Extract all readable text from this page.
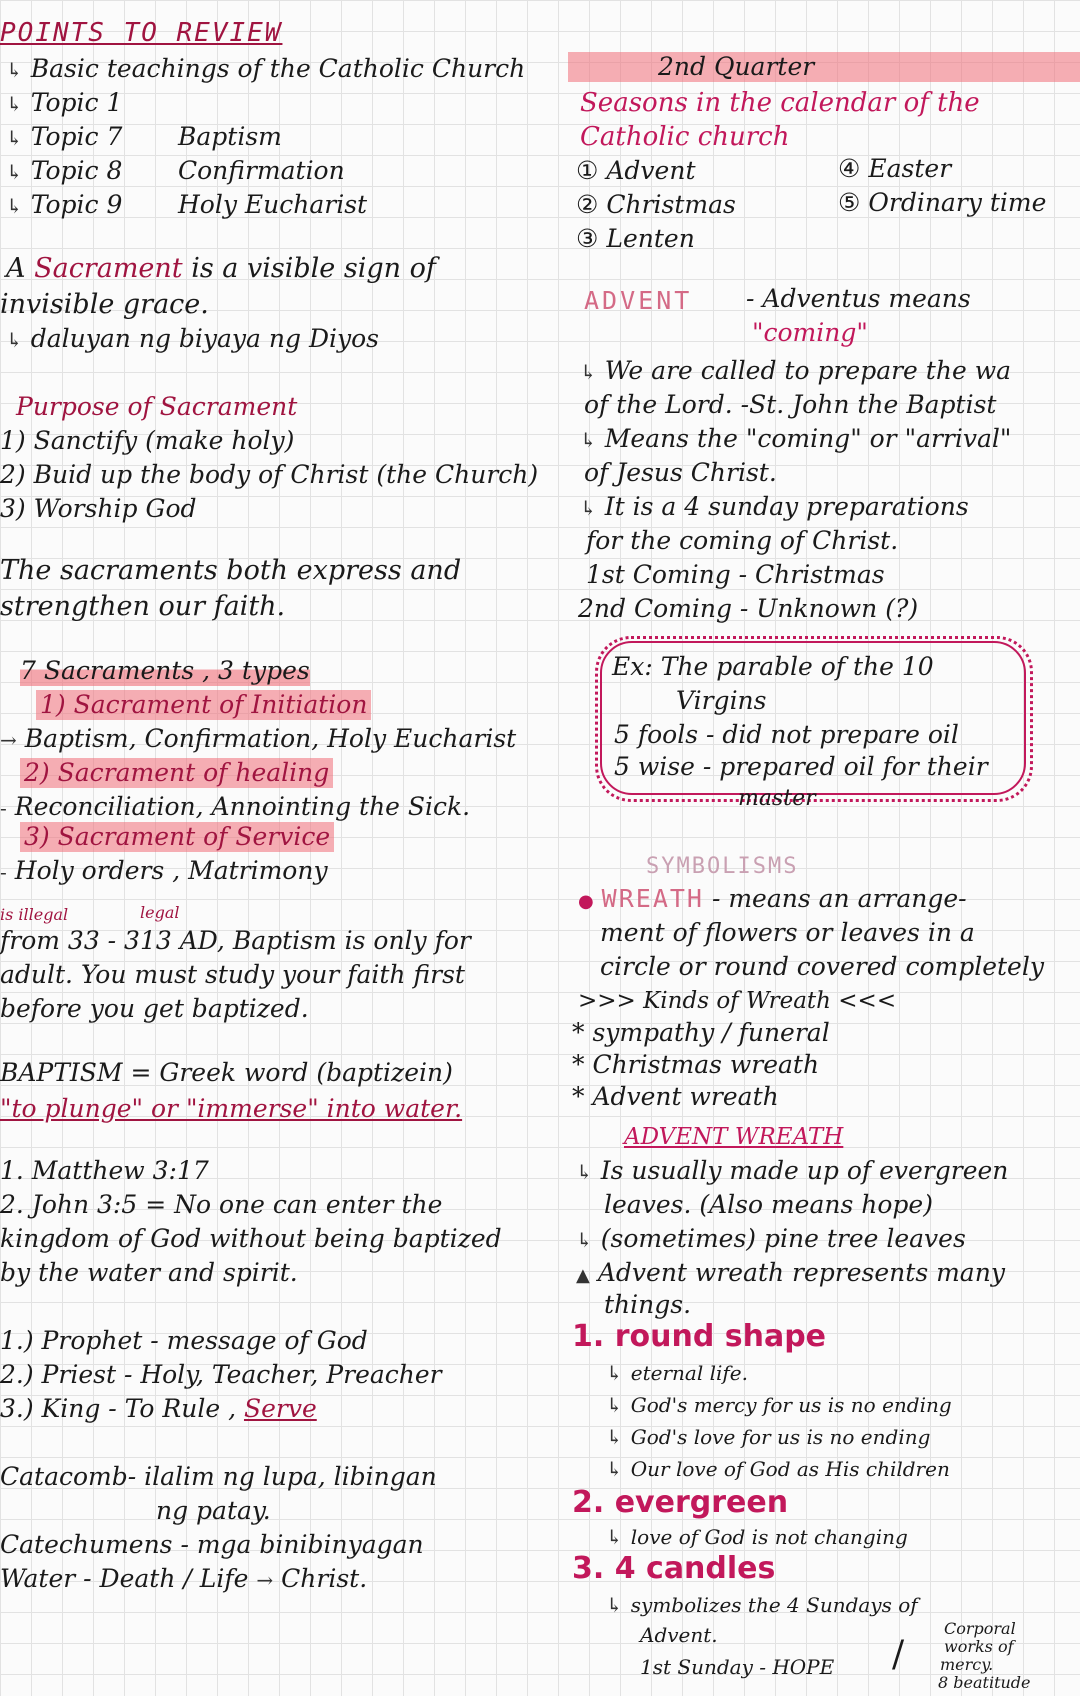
POINTS TO REVIEW
↳ Basic teachings of the Catholic Church
↳ Topic 1
↳ Topic 7 Baptism
↳ Topic 8 Confirmation
↳ Topic 9 Holy Eucharist
A Sacrament is a visible sign of
invisible grace.
↳ daluyan ng biyaya ng Diyos
Purpose of Sacrament
1) Sanctify (make holy)
2) Buid up the body of Christ (the Church)
3) Worship God
The sacraments both express and
strengthen our faith.
7 Sacraments , 3 types
1) Sacrament of Initiation
→ Baptism, Confirmation, Holy Eucharist
2) Sacrament of healing
- Reconciliation, Annointing the Sick.
3) Sacrament of Service
- Holy orders , Matrimony
is illegal	legal
from 33 - 313 AD, Baptism is only for
adult. You must study your faith first
before you get baptized.
BAPTISM = Greek word (baptizein)
"to plunge" or "immerse" into water.
1. Matthew 3:17
2. John 3:5 = No one can enter the
kingdom of God without being baptized
by the water and spirit.
1.) Prophet - message of God
2.) Priest - Holy, Teacher, Preacher
3.) King - To Rule , Serve
Catacomb- ilalim ng lupa, libingan
ng patay.
Catechumens - mga binibinyagan
Water - Death / Life → Christ.
2nd Quarter
Seasons in the calendar of the
Catholic church
① Advent
② Christmas
③ Lenten
④ Easter
⑤ Ordinary time
ADVENT - Adventus means
"coming"
↳ We are called to prepare the wa
of the Lord. -St. John the Baptist
↳ Means the "coming" or "arrival"
of Jesus Christ.
↳ It is a 4 sunday preparations
for the coming of Christ.
1st Coming - Christmas
2nd Coming - Unknown (?)
Ex: The parable of the 10
Virgins
5 fools - did not prepare oil
5 wise - prepared oil for their
master
SYMBOLISMS
● WREATH - means an arrange-
ment of flowers or leaves in a
circle or round covered completely
>>> Kinds of Wreath <<<
* sympathy / funeral
* Christmas wreath
* Advent wreath
ADVENT WREATH
↳ Is usually made up of evergreen
leaves. (Also means hope)
↳ (sometimes) pine tree leaves
▲ Advent wreath represents many
things.
1. round shape
↳ eternal life.
↳ God's mercy for us is no ending
↳ God's love for us is no ending
↳ Our love of God as His children
2. evergreen
↳ love of God is not changing
3. 4 candles
↳ symbolizes the 4 Sundays of
Advent.
1st Sunday - HOPE /
Corporal
works of
mercy.
8 beatitude
